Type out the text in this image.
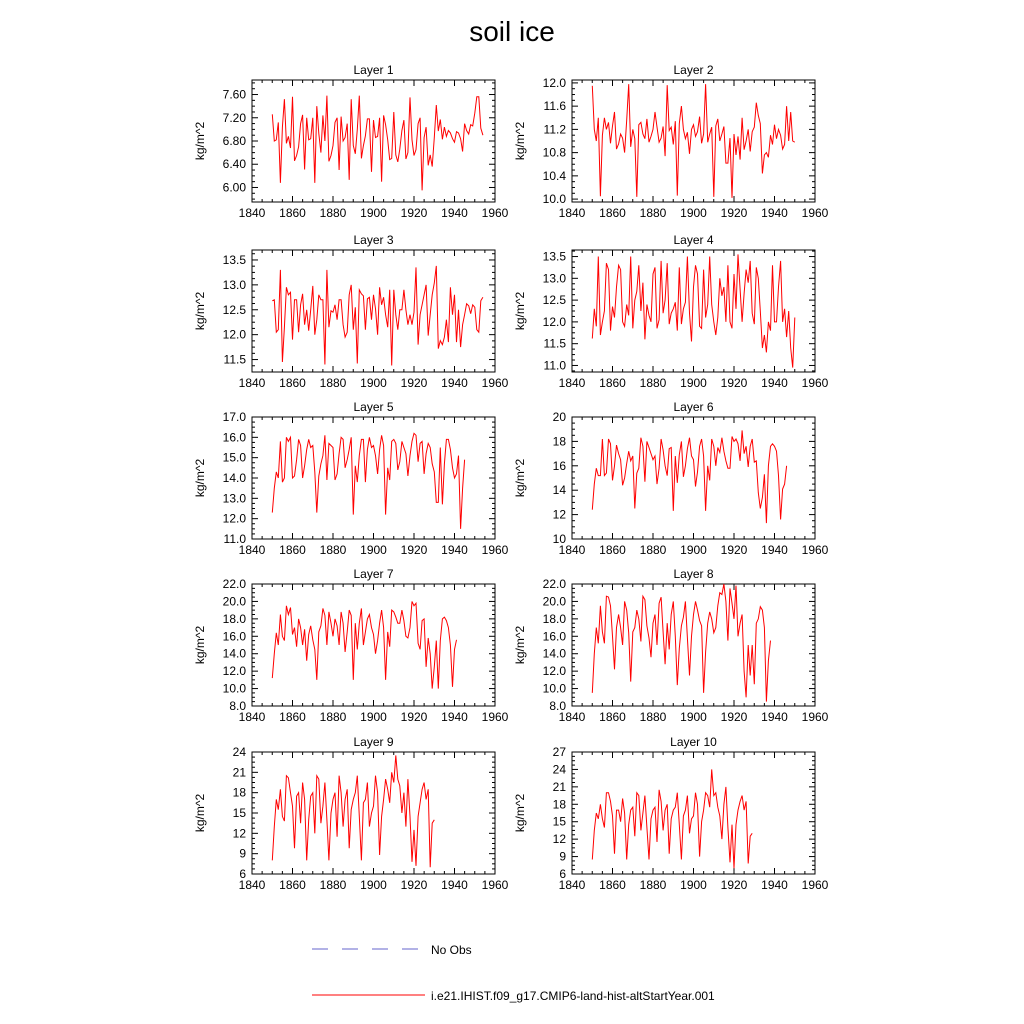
soil ice
Layer 1
kg/m^2
1840 1860 1880 1900 1920 1940 1960
6.00
6.40
6.80
7.20
7.60
Layer 2
kg/m^2
1840 1860 1880 1900 1920 1940 1960
10.0
10.4
10.8
11.2
11.6
12.0
Layer 3
kg/m^2
1840 1860 1880 1900 1920 1940 1960
11.5
12.0
12.5
13.0
13.5
Layer 4
kg/m^2
1840 1860 1880 1900 1920 1940 1960
11.0
11.5
12.0
12.5
13.0
13.5
Layer 5
kg/m^2
1840 1860 1880 1900 1920 1940 1960
11.0
12.0
13.0
14.0
15.0
16.0
17.0
Layer 6
kg/m^2
1840 1860 1880 1900 1920 1940 1960
10
12
14
16
18
20
Layer 7
kg/m^2
1840 1860 1880 1900 1920 1940 1960
8.0
10.0
12.0
14.0
16.0
18.0
20.0
22.0
Layer 8
kg/m^2
1840 1860 1880 1900 1920 1940 1960
8.0
10.0
12.0
14.0
16.0
18.0
20.0
22.0
Layer 9
kg/m^2
1840 1860 1880 1900 1920 1940 1960
6
9
12
15
18
21
24
Layer 10
kg/m^2
1840 1860 1880 1900 1920 1940 1960
6
9
12
15
18
21
24
27
No Obs
i.e21.IHIST.f09_g17.CMIP6-land-hist-altStartYear.001
